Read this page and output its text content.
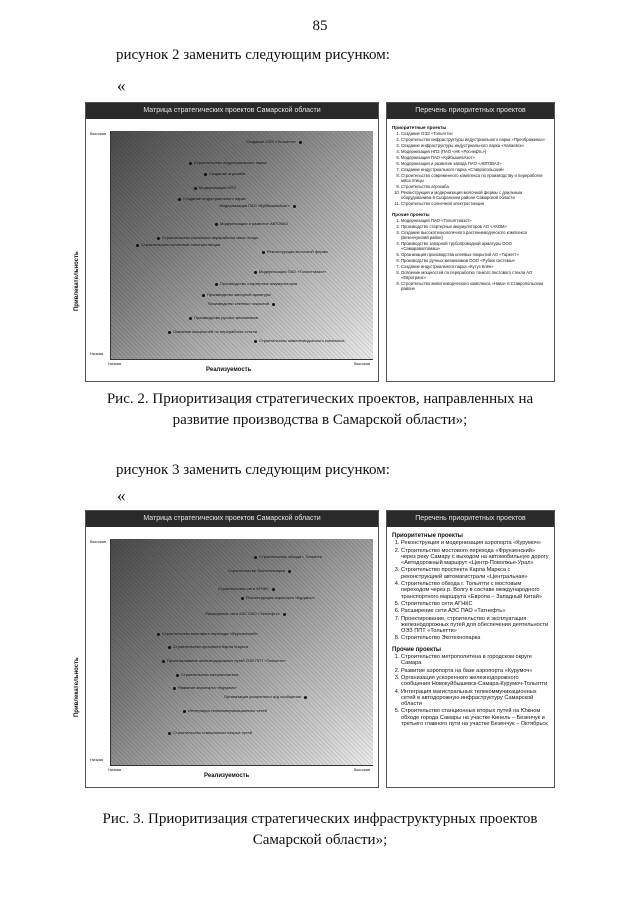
85
рисунок 2 заменить следующим рисунком:
«
Матрица стратегических проектов Самарской области
Привлекательность
Высокая
Низкая
Создание ОЭЗ «Тольятти»
Строительство индустриального парка
Создание агрохаба
Модернизация НПЗ
Создание индустриального парка
Модернизация ПАО «КуйбышевАзот»
Модернизация и развитие АВТОВАЗ
Строительство комплекса переработки мяса птицы
Строительство солнечной электростанции
Реконструкция молочной фермы
Модернизация ПАО «Тольяттиазот»
Производство стартерных аккумуляторов
Производство запорной арматуры
Производство клеевых покрытий
Производство ручных механизмов
Освоение мощностей по переработке стекла
Строительство животноводческого комплекса
Низкая	Высокая
Реализуемость
Перечень приоритетных проектов
Приоритетные проекты
1. Создание ОЭЗ «Тольятти»
2. Строительство инфраструктуры индустриального парка «Преображенка»
3. Создание инфраструктуры индустриального парка «Чапаевск»
4. Модернизация НПЗ (ПАО «НК «Роснефть»)
5. Модернизация ПАО «КуйбышевАзот»
6. Модернизация и развитие завода ПАО «АВТОВАЗ»
7. Создание индустриального парка «Ставропольский»
8. Строительство современного комплекса по производству и переработке мяса птицы
9. Строительство агрохаба
10. Реконструкция и модернизация молочной фермы с доильным оборудованием в Сызранском районе Самарской области
11. Строительство солнечной электростанции
Прочие проекты
1. Модернизация ПАО «Тольяттиазот»
2. Производство стартерных аккумуляторов АО «АКОМ»
3. Создание высокотехнологичного растениеводческого комплекса (Безенчукский район)
4. Производство запорной трубопроводной арматуры ООО «Самараволгомаш»
5. Организация производства клеевых покрытий АО «Таркетт»
6. Производство ручных механизмов ООО «Рубеж системы»
7. Создание индустриального парка «Кутуз Клён»
8. Освоение мощностей по переработке тонкого листового стекла АО «Евротранс»
9. Строительство животноводческого комплекса «Нива» в Ставропольском районе
Рис. 2. Приоритизация стратегических проектов, направленных на
развитие производства в Самарской области»;
рисунок 3 заменить следующим рисунком:
«
Матрица стратегических проектов Самарской области
Привлекательность
Высокая
Низкая
Строительство обхода г. Тольятти
Строительство Экотехнопарка
Строительство сети АГНКС
Реконструкция аэропорта «Курумоч»
Расширение сети АЗС ПАО «Татнефть»
Строительство мостового перехода «Фрунзенский»
Строительство проспекта Карла Маркса
Проектирование железнодорожных путей ОЭЗ ППТ «Тольятти»
Строительство метрополитена
Развитие аэропорта «Курумоч»
Организация ускоренного ж/д сообщения
Интеграция телекоммуникационных сетей
Строительство станционных вторых путей
Низкая	Высокая
Реализуемость
Перечень приоритетных проектов
Приоритетные проекты
1. Реконструкция и модернизация аэропорта «Курумоч»
2. Строительство мостового перехода «Фрунзенский» через реку Самару с выходом на автомобильную дорогу «Автодорожный маршрут «Центр-Поволжье-Урал»
3. Строительство проспекта Карла Маркса с реконструкцией автомагистрали «Центральная»
4. Строительство обхода г. Тольятти с мостовым переходом через р. Волгу в составе международного транспортного маршрута «Европа – Западный Китай»
5. Строительство сети АГНКС
6. Расширение сети АЗС ПАО «Татнефть»
7. Проектирование, строительство и эксплуатация железнодорожных путей для обеспечения деятельности ОЭЗ ППТ «Тольятти»
8. Строительство Экотехнопарка
Прочие проекты
1. Строительство метрополитена в городском округе Самара
2. Развитие аэропорта на базе аэропорта «Курумоч»
3. Организация ускоренного железнодорожного сообщения Новокуйбышевск-Самара-Курумоч-Тольятти
4. Интеграция магистральных телекоммуникационных сетей в автодорожную инфраструктуру Самарской области
5. Строительство станционных вторых путей на Южном обходе города Самары на участке Кинель – Безенчук и третьего главного пути на участке Безенчук – Октябрьск
Рис. 3. Приоритизация стратегических инфраструктурных проектов
Самарской области»;
